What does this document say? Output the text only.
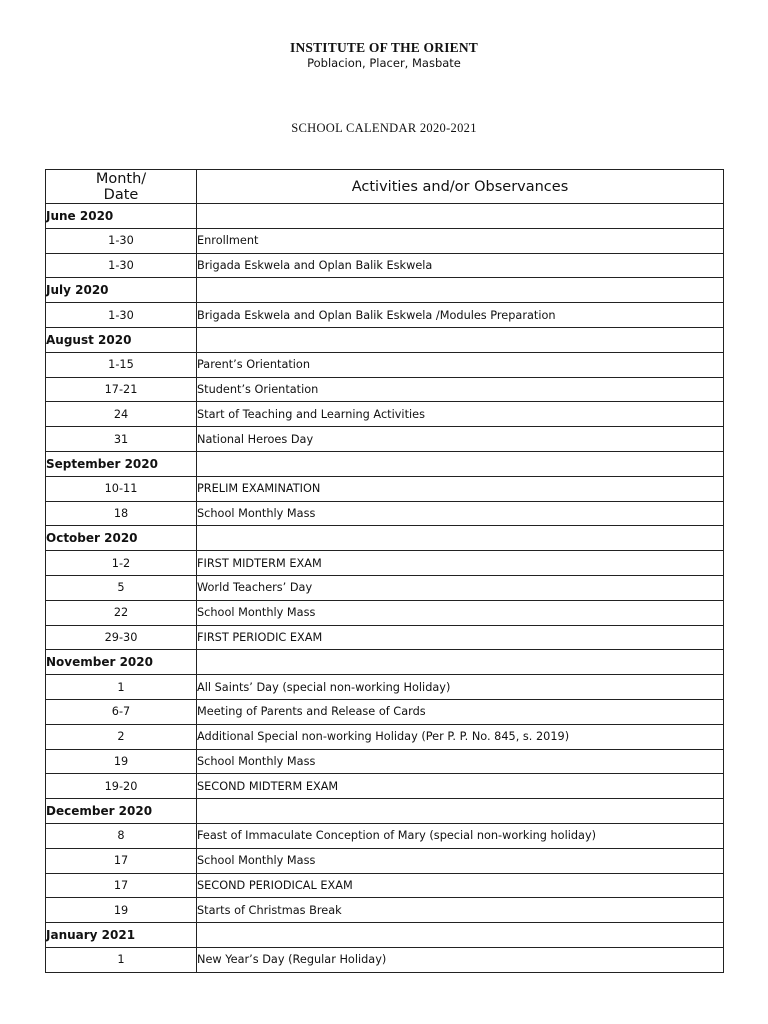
INSTITUTE OF THE ORIENT
Poblacion, Placer, Masbate
SCHOOL CALENDAR 2020-2021
Month/
Date	Activities and/or Observances
June 2020	
1-30	Enrollment
1-30	Brigada Eskwela and Oplan Balik Eskwela
July 2020	
1-30	Brigada Eskwela and Oplan Balik Eskwela /Modules Preparation
August 2020	
1-15	Parent’s Orientation
17-21	Student’s Orientation
24	Start of Teaching and Learning Activities
31	National Heroes Day
September 2020	
10-11	PRELIM EXAMINATION
18	School Monthly Mass
October 2020	
1-2	FIRST MIDTERM EXAM
5	World Teachers’ Day
22	School Monthly Mass
29-30	FIRST PERIODIC EXAM
November 2020	
1	All Saints’ Day (special non-working Holiday)
6-7	Meeting of Parents and Release of Cards
2	Additional Special non-working Holiday (Per P. P. No. 845, s. 2019)
19	School Monthly Mass
19-20	SECOND MIDTERM EXAM
December 2020	
8	Feast of Immaculate Conception of Mary (special non-working holiday)
17	School Monthly Mass
17	SECOND PERIODICAL EXAM
19	Starts of Christmas Break
January 2021	
1	New Year’s Day (Regular Holiday)
